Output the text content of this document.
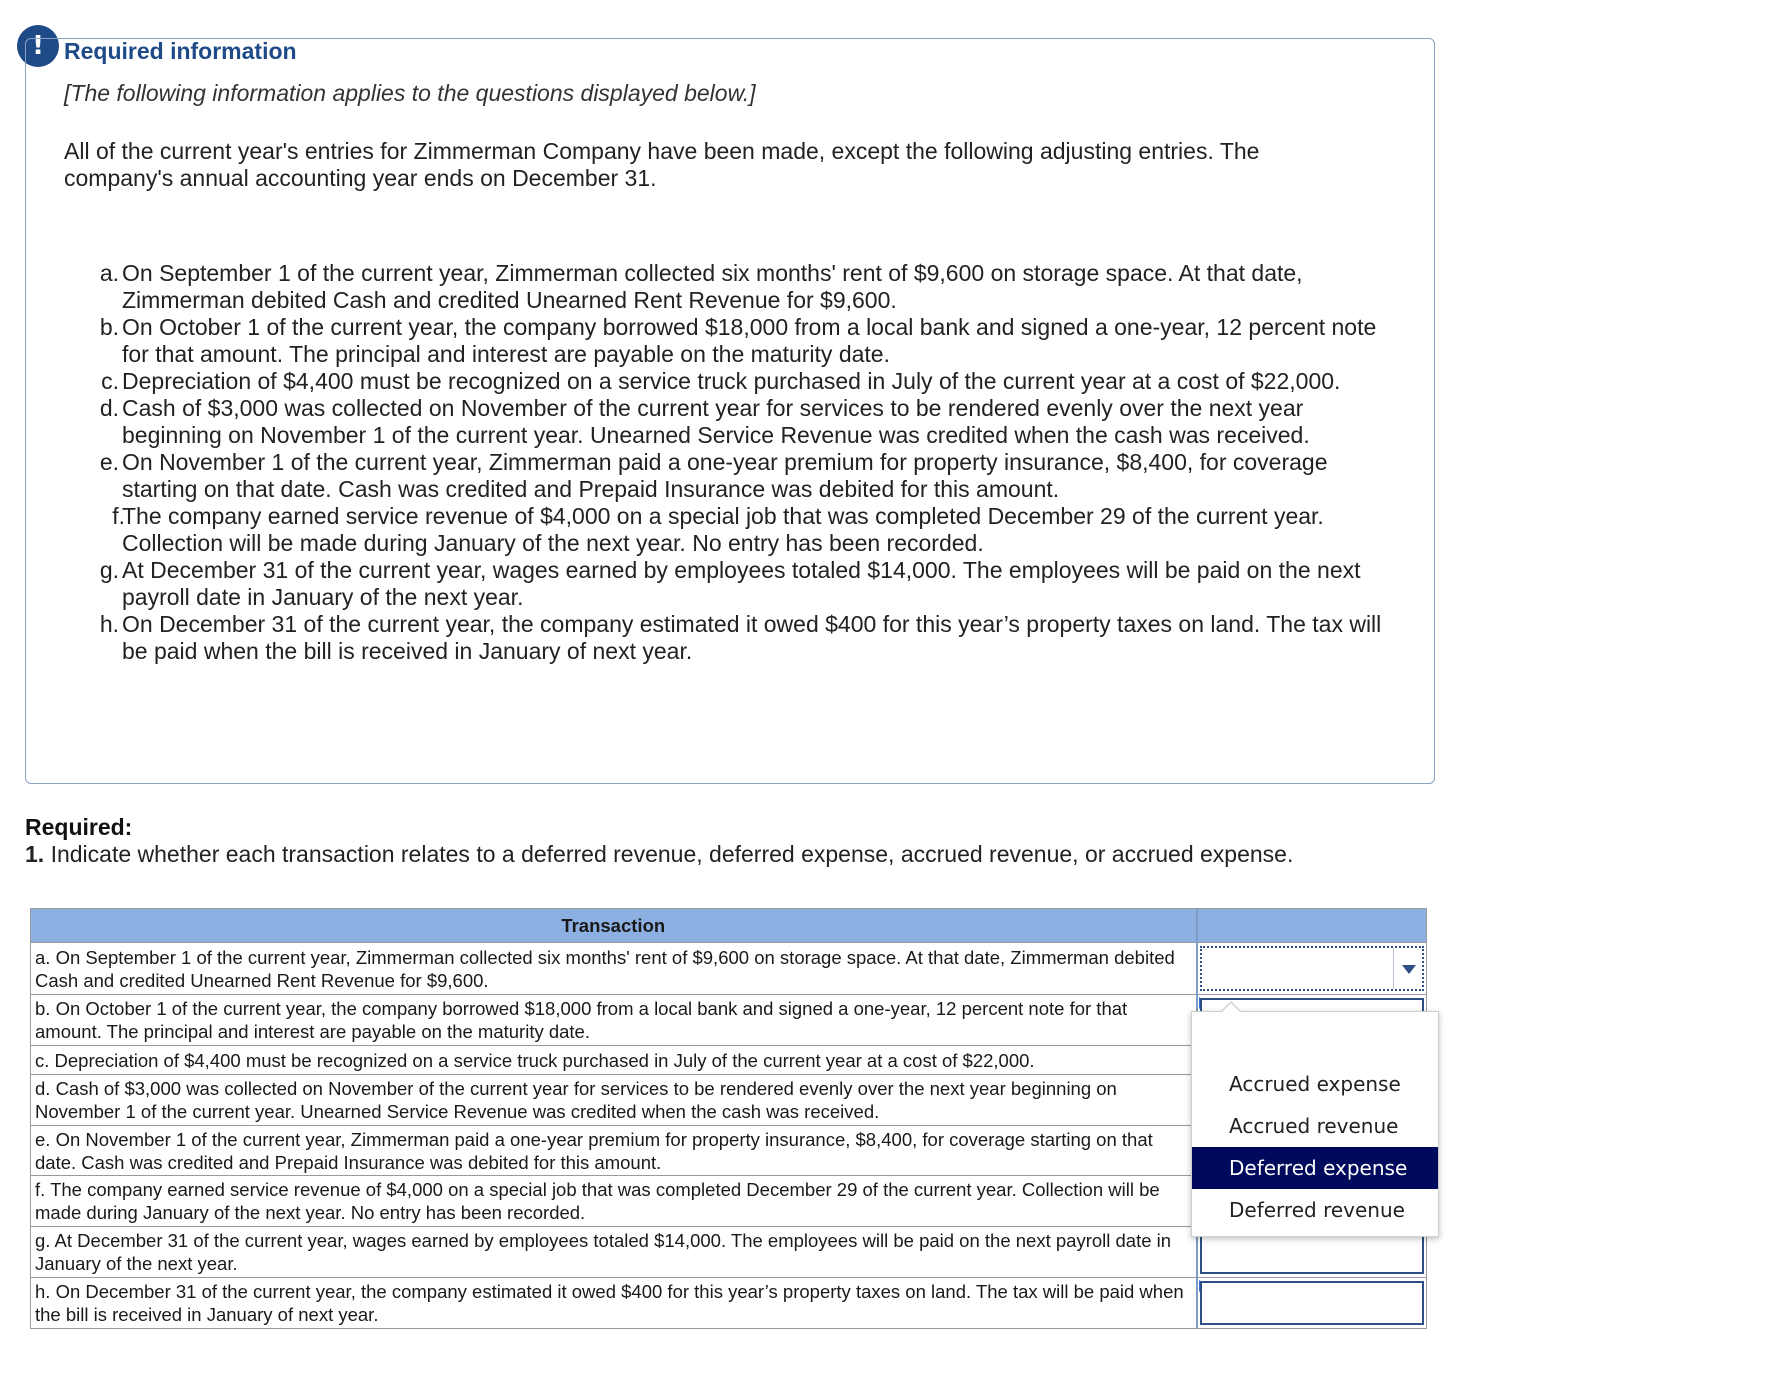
! Required information
[The following information applies to the questions displayed below.]
All of the current year's entries for Zimmerman Company have been made, except the following adjusting entries. The company's annual accounting year ends on December 31.
a. On September 1 of the current year, Zimmerman collected six months' rent of $9,600 on storage space. At that date, Zimmerman debited Cash and credited Unearned Rent Revenue for $9,600.
b. On October 1 of the current year, the company borrowed $18,000 from a local bank and signed a one-year, 12 percent note for that amount. The principal and interest are payable on the maturity date.
c. Depreciation of $4,400 must be recognized on a service truck purchased in July of the current year at a cost of $22,000.
d. Cash of $3,000 was collected on November of the current year for services to be rendered evenly over the next year beginning on November 1 of the current year. Unearned Service Revenue was credited when the cash was received.
e. On November 1 of the current year, Zimmerman paid a one-year premium for property insurance, $8,400, for coverage starting on that date. Cash was credited and Prepaid Insurance was debited for this amount.
f.
The company earned service revenue of $4,000 on a special job that was completed December 29 of the current year. Collection will be made during January of the next year. No entry has been recorded.
g. At December 31 of the current year, wages earned by employees totaled $14,000. The employees will be paid on the next payroll date in January of the next year.
h. On December 31 of the current year, the company estimated it owed $400 for this year’s property taxes on land. The tax will be paid when the bill is received in January of next year.
Required:
1. Indicate whether each transaction relates to a deferred revenue, deferred expense, accrued revenue, or accrued expense.
Transaction	
a. On September 1 of the current year, Zimmerman collected six months' rent of $9,600 on storage space. At that date, Zimmerman debited Cash and credited Unearned Rent Revenue for $9,600.	

b. On October 1 of the current year, the company borrowed $18,000 from a local bank and signed a one-year, 12 percent note for that amount. The principal and interest are payable on the maturity date.	

c. Depreciation of $4,400 must be recognized on a service truck purchased in July of the current year at a cost of $22,000.	

d. Cash of $3,000 was collected on November of the current year for services to be rendered evenly over the next year beginning on November 1 of the current year. Unearned Service Revenue was credited when the cash was received.	

e. On November 1 of the current year, Zimmerman paid a one-year premium for property insurance, $8,400, for coverage starting on that date. Cash was credited and Prepaid Insurance was debited for this amount.	

f. The company earned service revenue of $4,000 on a special job that was completed December 29 of the current year. Collection will be made during January of the next year. No entry has been recorded.	

g. At December 31 of the current year, wages earned by employees totaled $14,000. The employees will be paid on the next payroll date in January of the next year.	

h. On December 31 of the current year, the company estimated it owed $400 for this year’s property taxes on land. The tax will be paid when the bill is received in January of next year.	
Accrued expense
Accrued revenue
Deferred expense
Deferred revenue
